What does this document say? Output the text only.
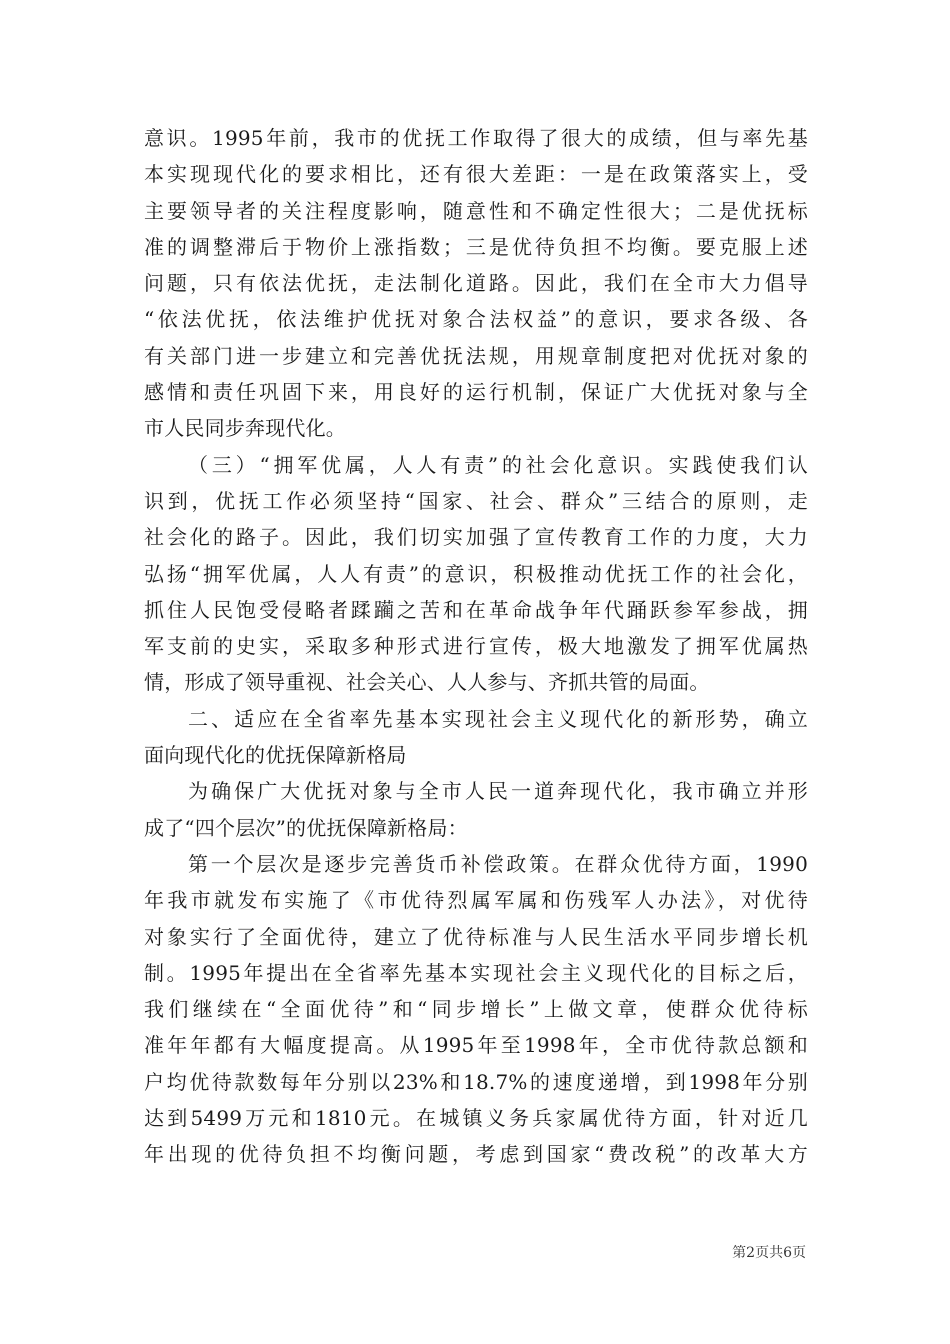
意识。1995年前，我市的优抚工作取得了很大的成绩，但与率先基
本实现现代化的要求相比，还有很大差距：一是在政策落实上，受
主要领导者的关注程度影响，随意性和不确定性很大；二是优抚标
准的调整滞后于物价上涨指数；三是优待负担不均衡。要克服上述
问题，只有依法优抚，走法制化道路。因此，我们在全市大力倡导
“依法优抚，依法维护优抚对象合法权益”的意识，要求各级、各
有关部门进一步建立和完善优抚法规，用规章制度把对优抚对象的
感情和责任巩固下来，用良好的运行机制，保证广大优抚对象与全
市人民同步奔现代化。
（三）“拥军优属，人人有责”的社会化意识。实践使我们认
识到，优抚工作必须坚持“国家、社会、群众”三结合的原则，走
社会化的路子。因此，我们切实加强了宣传教育工作的力度，大力
弘扬“拥军优属，人人有责”的意识，积极推动优抚工作的社会化，
抓住人民饱受侵略者蹂躏之苦和在革命战争年代踊跃参军参战，拥
军支前的史实，采取多种形式进行宣传，极大地激发了拥军优属热
情，形成了领导重视、社会关心、人人参与、齐抓共管的局面。
二、适应在全省率先基本实现社会主义现代化的新形势，确立
面向现代化的优抚保障新格局
为确保广大优抚对象与全市人民一道奔现代化，我市确立并形
成了“四个层次”的优抚保障新格局：
第一个层次是逐步完善货币补偿政策。在群众优待方面，1990
年我市就发布实施了《市优待烈属军属和伤残军人办法》，对优待
对象实行了全面优待，建立了优待标准与人民生活水平同步增长机
制。1995年提出在全省率先基本实现社会主义现代化的目标之后，
我们继续在“全面优待”和“同步增长”上做文章，使群众优待标
准年年都有大幅度提高。从1995年至1998年，全市优待款总额和
户均优待款数每年分别以23%和18.7%的速度递增，到1998年分别
达到5499万元和1810元。在城镇义务兵家属优待方面，针对近几
年出现的优待负担不均衡问题，考虑到国家“费改税”的改革大方
第2页共6页
